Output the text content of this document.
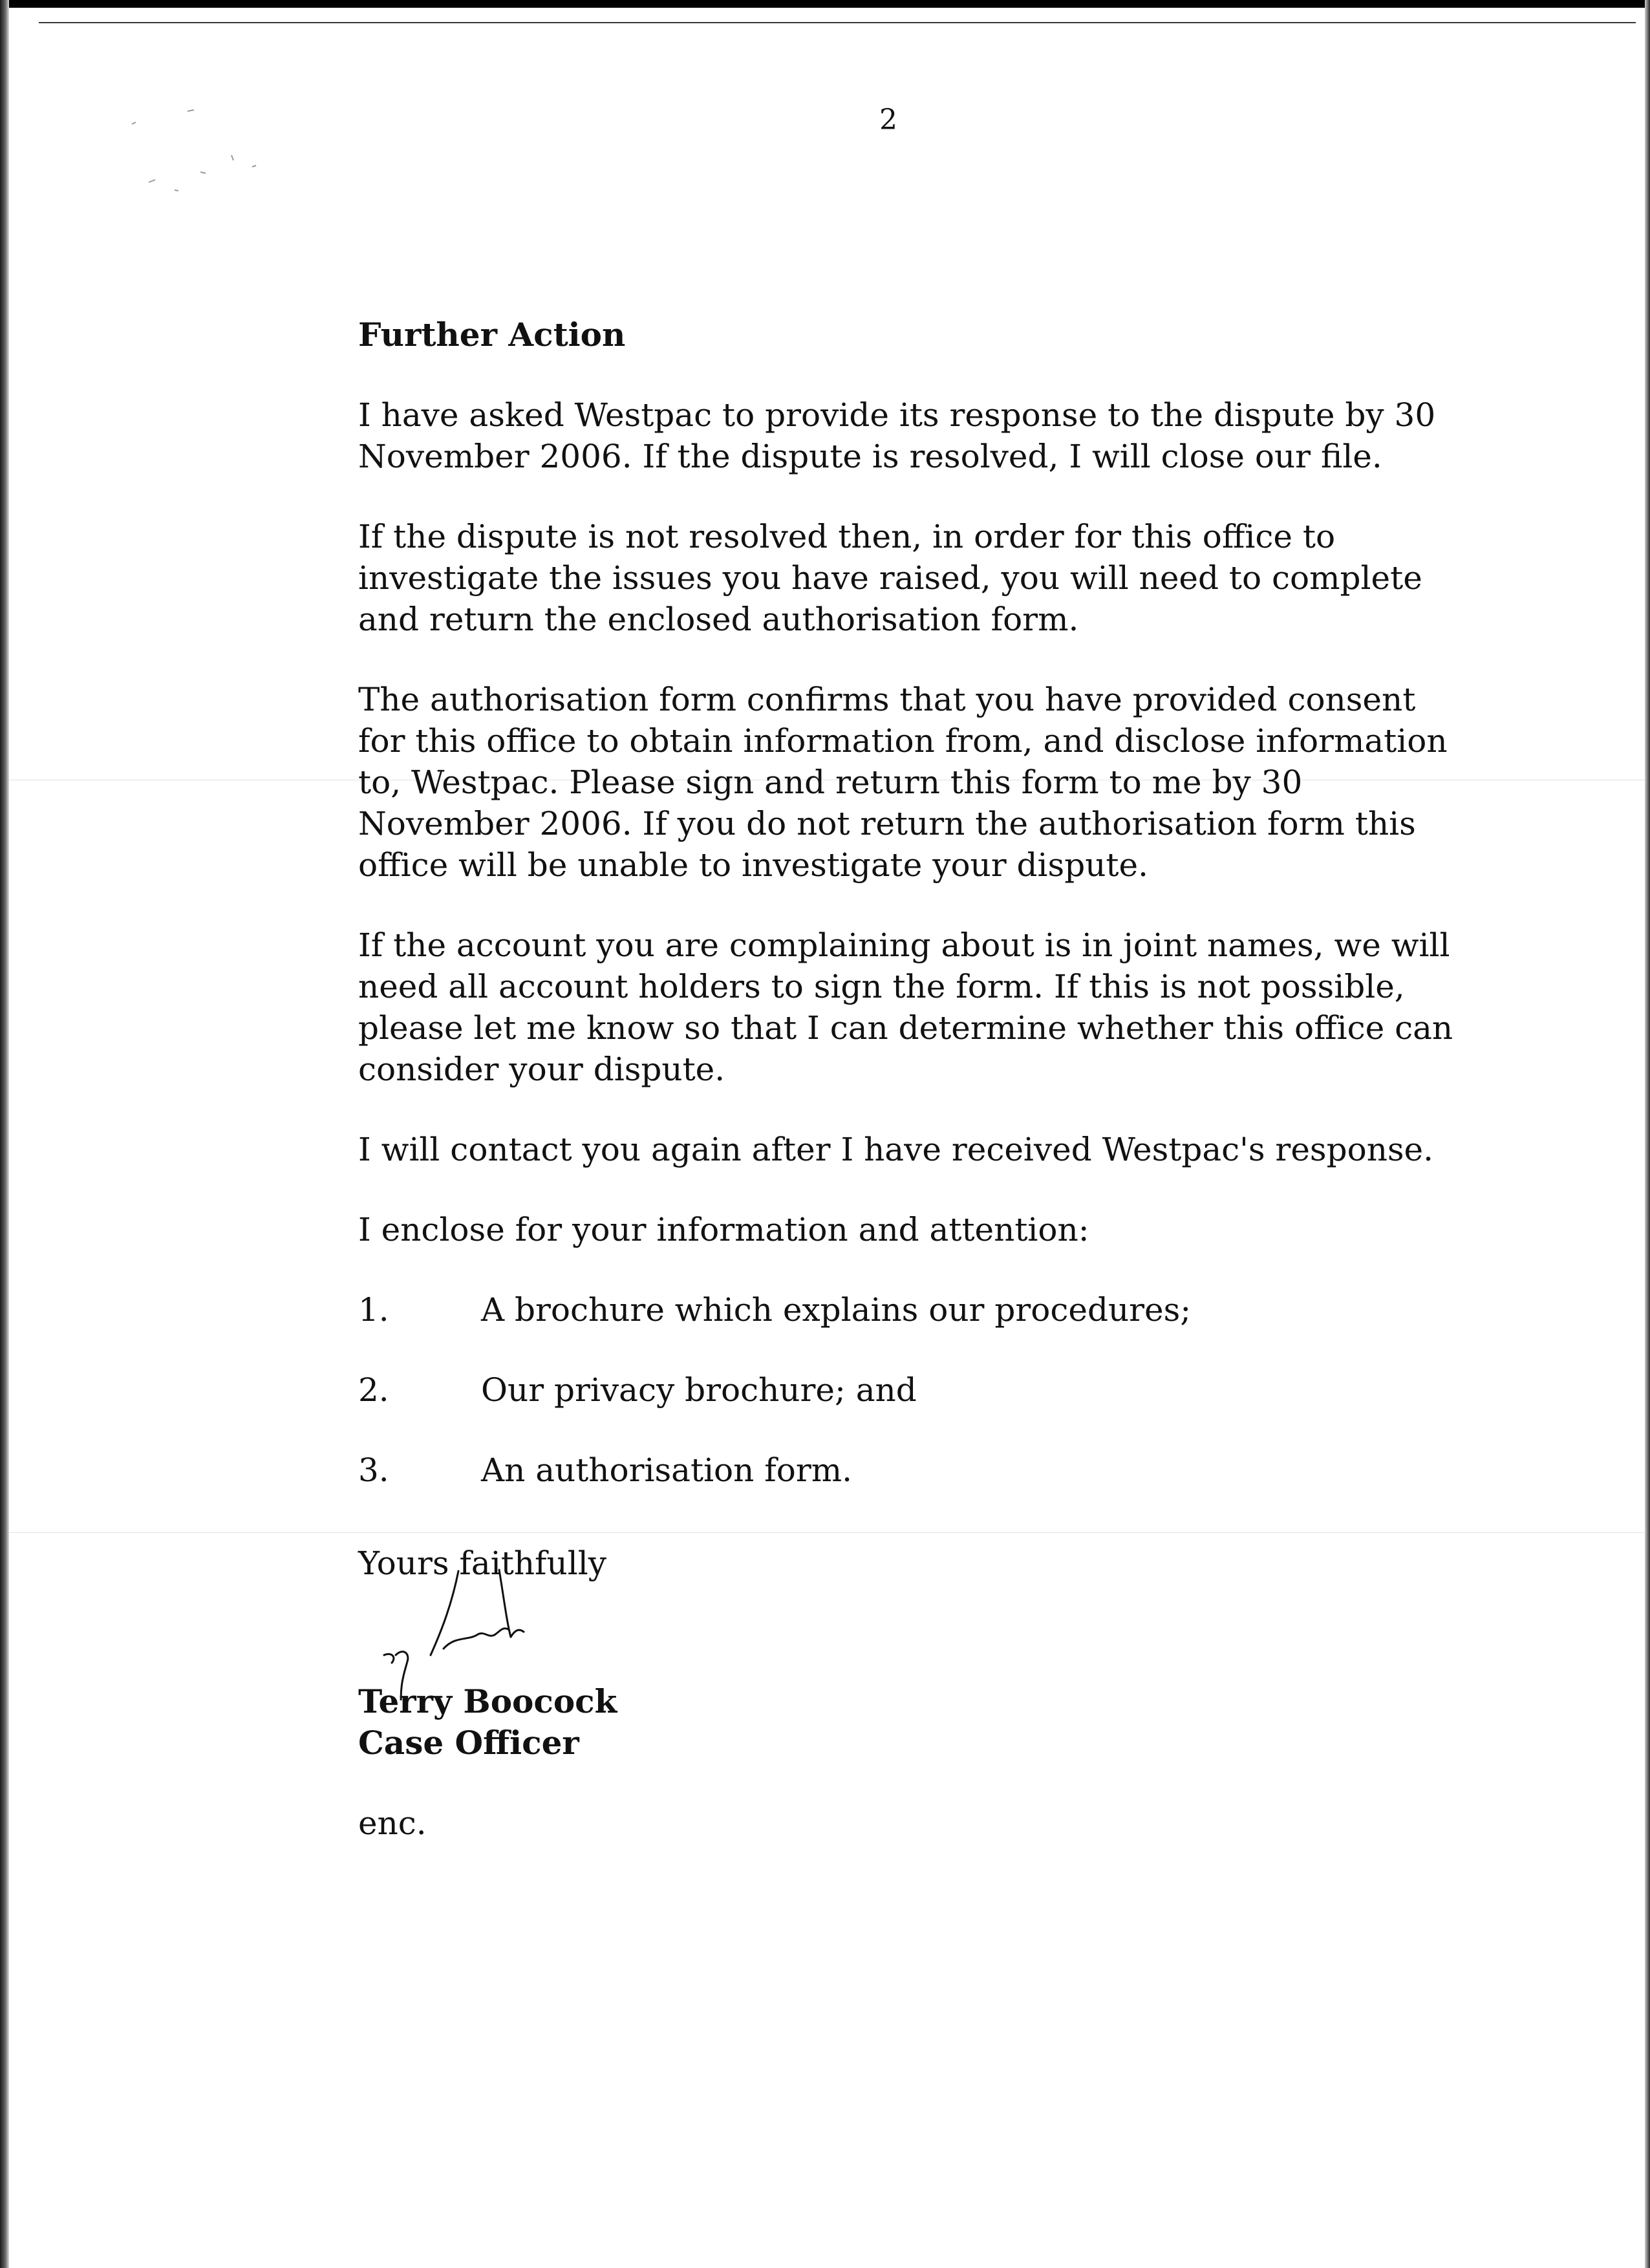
2

Further Action

I have asked Westpac to provide its response to the dispute by 30 November 2006. If the dispute is resolved, I will close our file.

If the dispute is not resolved then, in order for this office to investigate the issues you have raised, you will need to complete and return the enclosed authorisation form.

The authorisation form confirms that you have provided consent for this office to obtain information from, and disclose information to, Westpac. Please sign and return this form to me by 30 November 2006. If you do not return the authorisation form this office will be unable to investigate your dispute.

If the account you are complaining about is in joint names, we will need all account holders to sign the form. If this is not possible, please let me know so that I can determine whether this office can consider your dispute.

I will contact you again after I have received Westpac's response.

I enclose for your information and attention:

1.	A brochure which explains our procedures;
2.	Our privacy brochure; and
3.	An authorisation form.

Yours faithfully

Terry Boocock

Case Officer

enc.
